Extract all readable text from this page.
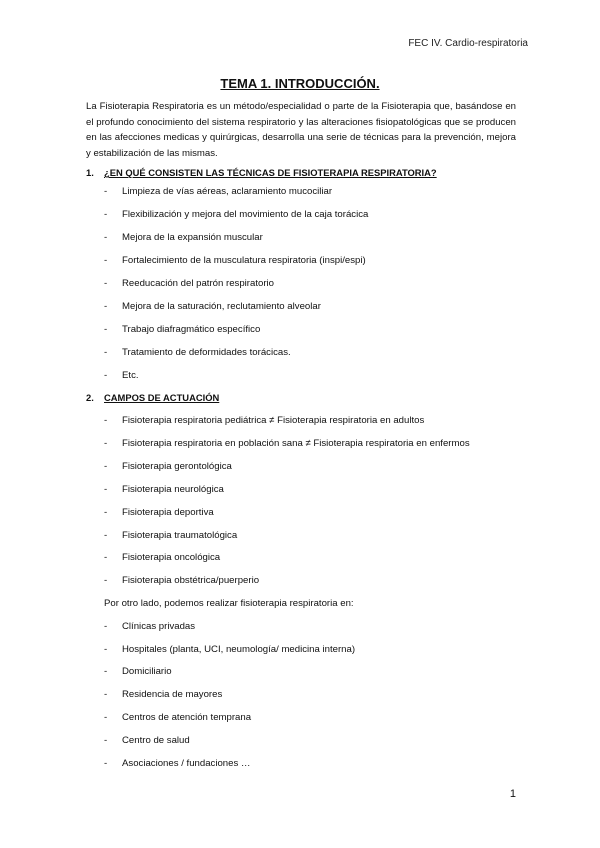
FEC IV. Cardio-respiratoria
TEMA 1. INTRODUCCIÓN.
La Fisioterapia Respiratoria es un método/especialidad o parte de la Fisioterapia que, basándose en el profundo conocimiento del sistema respiratorio y las alteraciones fisiopatológicas que se producen en las afecciones medicas y quirúrgicas, desarrolla una serie de técnicas para la prevención, mejora y estabilización de las mismas.
1. ¿EN QUÉ CONSISTEN LAS TÉCNICAS DE FISIOTERAPIA RESPIRATORIA?
- Limpieza de vías aéreas, aclaramiento mucociliar
- Flexibilización y mejora del movimiento de la caja torácica
- Mejora de la expansión muscular
- Fortalecimiento de la musculatura respiratoria (inspi/espi)
- Reeducación del patrón respiratorio
- Mejora de la saturación, reclutamiento alveolar
- Trabajo diafragmático específico
- Tratamiento de deformidades torácicas.
- Etc.
2. CAMPOS DE ACTUACIÓN
- Fisioterapia respiratoria pediátrica ≠ Fisioterapia respiratoria en adultos
- Fisioterapia respiratoria en población sana ≠ Fisioterapia respiratoria en enfermos
- Fisioterapia gerontológica
- Fisioterapia neurológica
- Fisioterapia deportiva
- Fisioterapia traumatológica
- Fisioterapia oncológica
- Fisioterapia obstétrica/puerperio
Por otro lado, podemos realizar fisioterapia respiratoria en:
- Clínicas privadas
- Hospitales (planta, UCI, neumología/ medicina interna)
- Domiciliario
- Residencia de mayores
- Centros de atención temprana
- Centro de salud
- Asociaciones / fundaciones …
1
